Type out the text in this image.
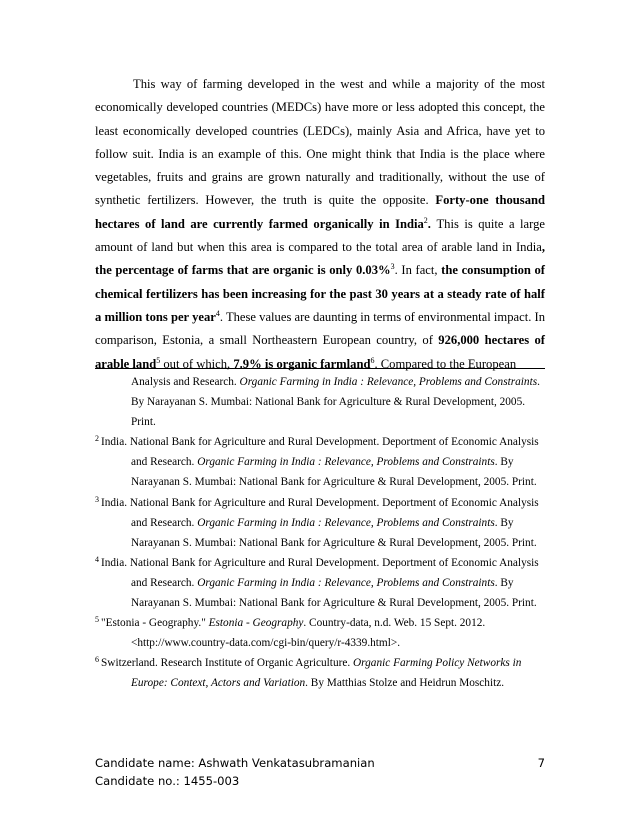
This way of farming developed in the west and while a majority of the most economically developed countries (MEDCs) have more or less adopted this concept, the least economically developed countries (LEDCs), mainly Asia and Africa, have yet to follow suit. India is an example of this. One might think that India is the place where vegetables, fruits and grains are grown naturally and traditionally, without the use of synthetic fertilizers. However, the truth is quite the opposite. Forty-one thousand hectares of land are currently farmed organically in India$^2$. This is quite a large amount of land but when this area is compared to the total area of arable land in India, the percentage of farms that are organic is only 0.03%$^3$. In fact, the consumption of chemical fertilizers has been increasing for the past 30 years at a steady rate of half a million tons per year$^4$. These values are daunting in terms of environmental impact. In comparison, Estonia, a small Northeastern European country, of 926,000 hectares of arable land$^5$ out of which, 7.9% is organic farmland$^6$. Compared to the European

Analysis and Research. Organic Farming in India : Relevance, Problems and Constraints. By Narayanan S. Mumbai: National Bank for Agriculture & Rural Development, 2005. Print.
2 India. National Bank for Agriculture and Rural Development. Deportment of Economic Analysis and Research. Organic Farming in India : Relevance, Problems and Constraints. By Narayanan S. Mumbai: National Bank for Agriculture & Rural Development, 2005. Print.
3 India. National Bank for Agriculture and Rural Development. Deportment of Economic Analysis and Research. Organic Farming in India : Relevance, Problems and Constraints. By Narayanan S. Mumbai: National Bank for Agriculture & Rural Development, 2005. Print.
4 India. National Bank for Agriculture and Rural Development. Deportment of Economic Analysis and Research. Organic Farming in India : Relevance, Problems and Constraints. By Narayanan S. Mumbai: National Bank for Agriculture & Rural Development, 2005. Print.
5 "Estonia - Geography." Estonia - Geography. Country-data, n.d. Web. 15 Sept. 2012. <http://www.country-data.com/cgi-bin/query/r-4339.html>.
6 Switzerland. Research Institute of Organic Agriculture. Organic Farming Policy Networks in Europe: Context, Actors and Variation. By Matthias Stolze and Heidrun Moschitz.
Candidate name: Ashwath Venkatasubramanian
Candidate no.: 1455-003
7
